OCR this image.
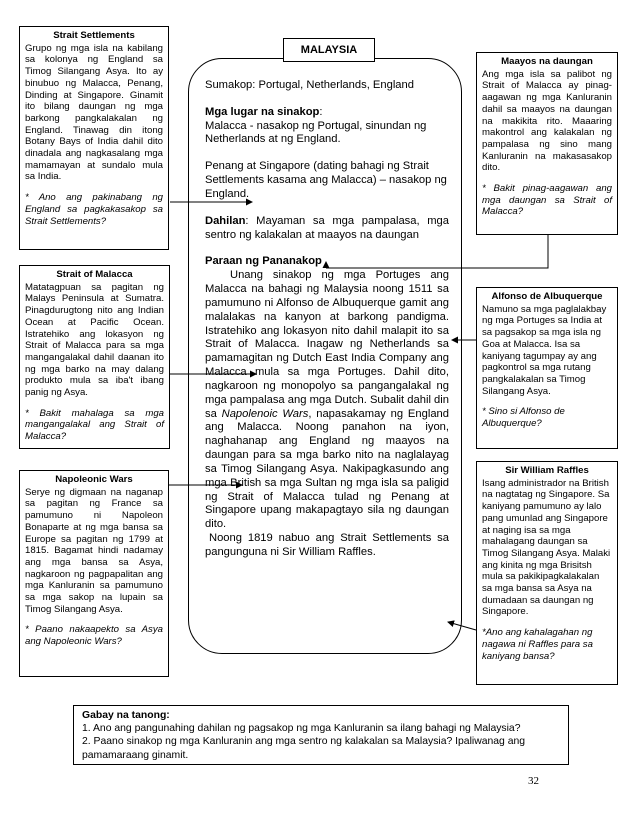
Sumakop: Portugal, Netherlands, England

Mga lugar na sinakop:

Malacca - nasakop ng Portugal, sinundan ng Netherlands at ng England.

Penang at Singapore (dating bahagi ng Strait Settlements kasama ang Malacca) – nasakop ng England.

Dahilan: Mayaman sa mga pampalasa, mga sentro ng kalakalan at maayos na daungan

Paraan ng Pananakop

Unang sinakop ng mga Portuges ang Malacca na bahagi ng Malaysia noong 1511 sa pamumuno ni Alfonso de Albuquerque gamit ang malalakas na kanyon at barkong pandigma. Istratehiko ang lokasyon nito dahil malapit ito sa Strait of Malacca. Inagaw ng Netherlands sa pamamagitan ng Dutch East India Company ang Malacca mula sa mga Portuges. Dahil dito, nagkaroon ng monopolyo sa pangangalakal ng mga pampalasa ang mga Dutch. Subalit dahil din sa Napolenoic Wars, napasakamay ng England ang Malacca. Noong panahon na iyon, naghahanap ang England ng maayos na daungan para sa mga barko nito na naglalayag sa Timog Silangang Asya. Nakipagkasundo ang mga British sa mga Sultan ng mga isla sa paligid ng Strait of Malacca tulad ng Penang at Singapore upang makapagtayo sila ng daungan dito.

Noong 1819 nabuo ang Strait Settlements sa pangunguna ni Sir William Raffles.

MALAYSIA
Strait Settlements
Grupo ng mga isla na kabilang sa kolonya ng England sa Timog Silangang Asya. Ito ay binubuo ng Malacca, Penang, Dinding at Singapore. Ginamit ito bilang daungan ng mga barkong pangkalakalan ng England. Tinawag din itong Botany Bays of India dahil dito dinadala ang nagkasalang mga mamamayan at sundalo mula sa India.
* Ano ang pakinabang ng England sa pagkakasakop sa Strait Settlements?
Strait of Malacca
Matatagpuan sa pagitan ng Malays Peninsula at Sumatra. Pinagdurugtong nito ang Indian Ocean at Pacific Ocean. Istratehiko ang lokasyon ng Strait of Malacca para sa mga mangangalakal dahil daanan ito ng mga barko na may dalang produkto mula sa iba't ibang panig ng Asya.
* Bakit mahalaga sa mga mangangalakal ang Strait of Malacca?
Napoleonic Wars
Serye ng digmaan na naganap sa pagitan ng France sa pamumuno ni Napoleon Bonaparte at ng mga bansa sa Europe sa pagitan ng 1799 at 1815. Bagamat hindi nadamay ang mga bansa sa Asya, nagkaroon ng pagpapalitan ang mga Kanluranin sa pamumuno sa mga sakop na lupain sa Timog Silangang Asya.
* Paano nakaapekto sa Asya ang Napoleonic Wars?
Maayos na daungan
Ang mga isla sa palibot ng Strait of Malacca ay pinag-aagawan ng mga Kanluranin dahil sa maayos na daungan na makikita rito. Maaaring makontrol ang kalakalan ng pampalasa ng sino mang Kanluranin na makasasakop dito.
* Bakit pinag-aagawan ang mga daungan sa Strait of Malacca?
Alfonso de Albuquerque
Namuno sa mga paglalakbay ng mga Portuges sa India at sa pagsakop sa mga isla ng Goa at Malacca. Isa sa kaniyang tagumpay ay ang pagkontrol sa mga rutang pangkalakalan sa Timog Silangang Asya.
* Sino si Alfonso de Albuquerque?
Sir William Raffles
Isang administrador na British na nagtatag ng Singapore. Sa kaniyang pamumuno ay lalo pang umunlad ang Singapore at naging isa sa mga mahalagang daungan sa Timog Silangang Asya. Malaki ang kinita ng mga Brisitsh mula sa pakikipagkalakalan sa mga bansa sa Asya na dumadaan sa daungan ng Singapore.
*Ano ang kahalagahan ng nagawa ni Raffles para sa kaniyang bansa?
Gabay na tanong:
1. Ano ang pangunahing dahilan ng pagsakop ng mga Kanluranin sa ilang bahagi ng Malaysia?
2. Paano sinakop ng mga Kanluranin ang mga sentro ng kalakalan sa Malaysia? Ipaliwanag ang pamamaraang ginamit.
32
